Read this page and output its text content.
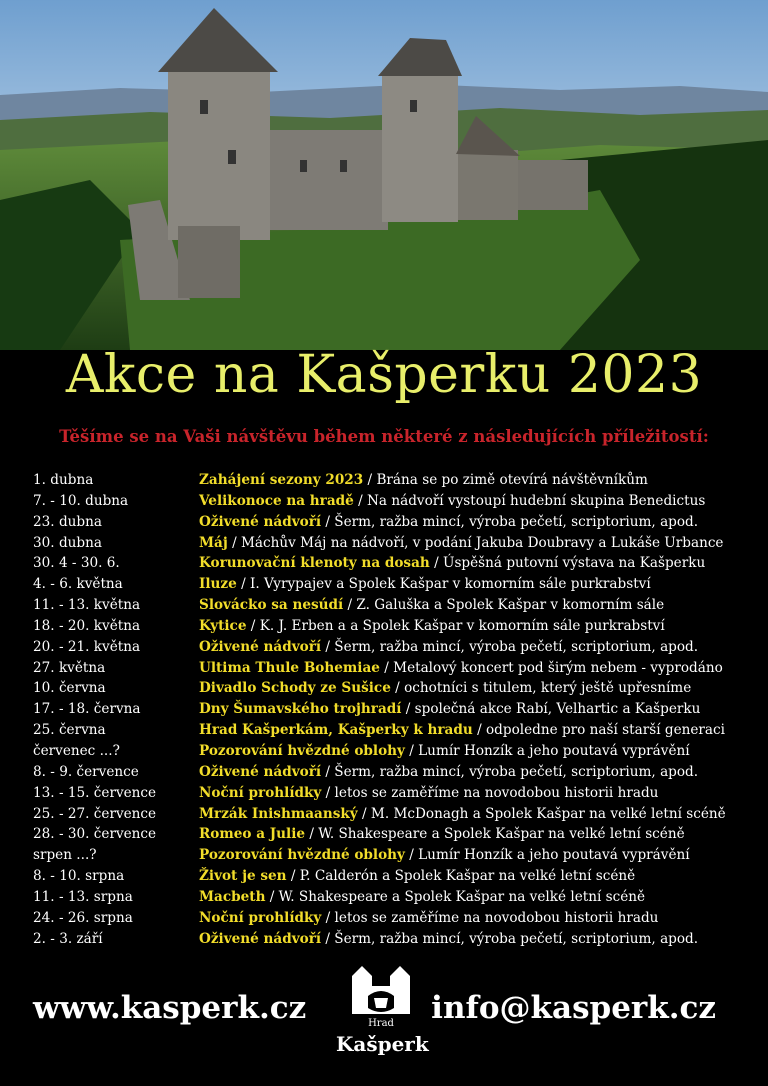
Akce na Kašperku 2023
Těšíme se na Vaši návštěvu během některé z následujících příležitostí:
1. dubna	Zahájení sezony 2023 / Brána se po zimě otevírá návštěvníkům
7. - 10. dubna	Velikonoce na hradě / Na nádvoří vystoupí hudební skupina Benedictus
23. dubna	Oživené nádvoří / Šerm, ražba mincí, výroba pečetí, scriptorium, apod.
30. dubna	Máj / Máchův Máj na nádvoří, v podání Jakuba Doubravy a Lukáše Urbance
30. 4 - 30. 6.	Korunovační klenoty na dosah / Úspěšná putovní výstava na Kašperku
4. - 6. května	Iluze / I. Vyrypajev a Spolek Kašpar v komorním sále purkrabství
11. - 13. května	Slovácko sa nesúdí / Z. Galuška a Spolek Kašpar v komorním sále
18. - 20. května	Kytice / K. J. Erben a a Spolek Kašpar v komorním sále purkrabství
20. - 21. května	Oživené nádvoří / Šerm, ražba mincí, výroba pečetí, scriptorium, apod.
27. května	Ultima Thule Bohemiae / Metalový koncert pod širým nebem - vyprodáno
10. června	Divadlo Schody ze Sušice / ochotníci s titulem, který ještě upřesníme
17. - 18. června	Dny Šumavského trojhradí / společná akce Rabí, Velhartic a Kašperku
25. června	Hrad Kašperkám, Kašperky k hradu / odpoledne pro naší starší generaci
červenec ...?	Pozorování hvězdné oblohy / Lumír Honzík a jeho poutavá vyprávění
8. - 9. července	Oživené nádvoří / Šerm, ražba mincí, výroba pečetí, scriptorium, apod.
13. - 15. července	Noční prohlídky / letos se zaměříme na novodobou historii hradu
25. - 27. července	Mrzák Inishmaanský / M. McDonagh a Spolek Kašpar na velké letní scéně
28. - 30. července	Romeo a Julie / W. Shakespeare a Spolek Kašpar na velké letní scéně
srpen ...?	Pozorování hvězdné oblohy / Lumír Honzík a jeho poutavá vyprávění
8. - 10. srpna	Život je sen / P. Calderón a Spolek Kašpar na velké letní scéně
11. - 13. srpna	Macbeth / W. Shakespeare a Spolek Kašpar na velké letní scéně
24. - 26. srpna	Noční prohlídky / letos se zaměříme na novodobou historii hradu
2. - 3. září	Oživené nádvoří / Šerm, ražba mincí, výroba pečetí, scriptorium, apod.
www.kasperk.cz	Hrad
Kašperk
info@kasperk.cz
